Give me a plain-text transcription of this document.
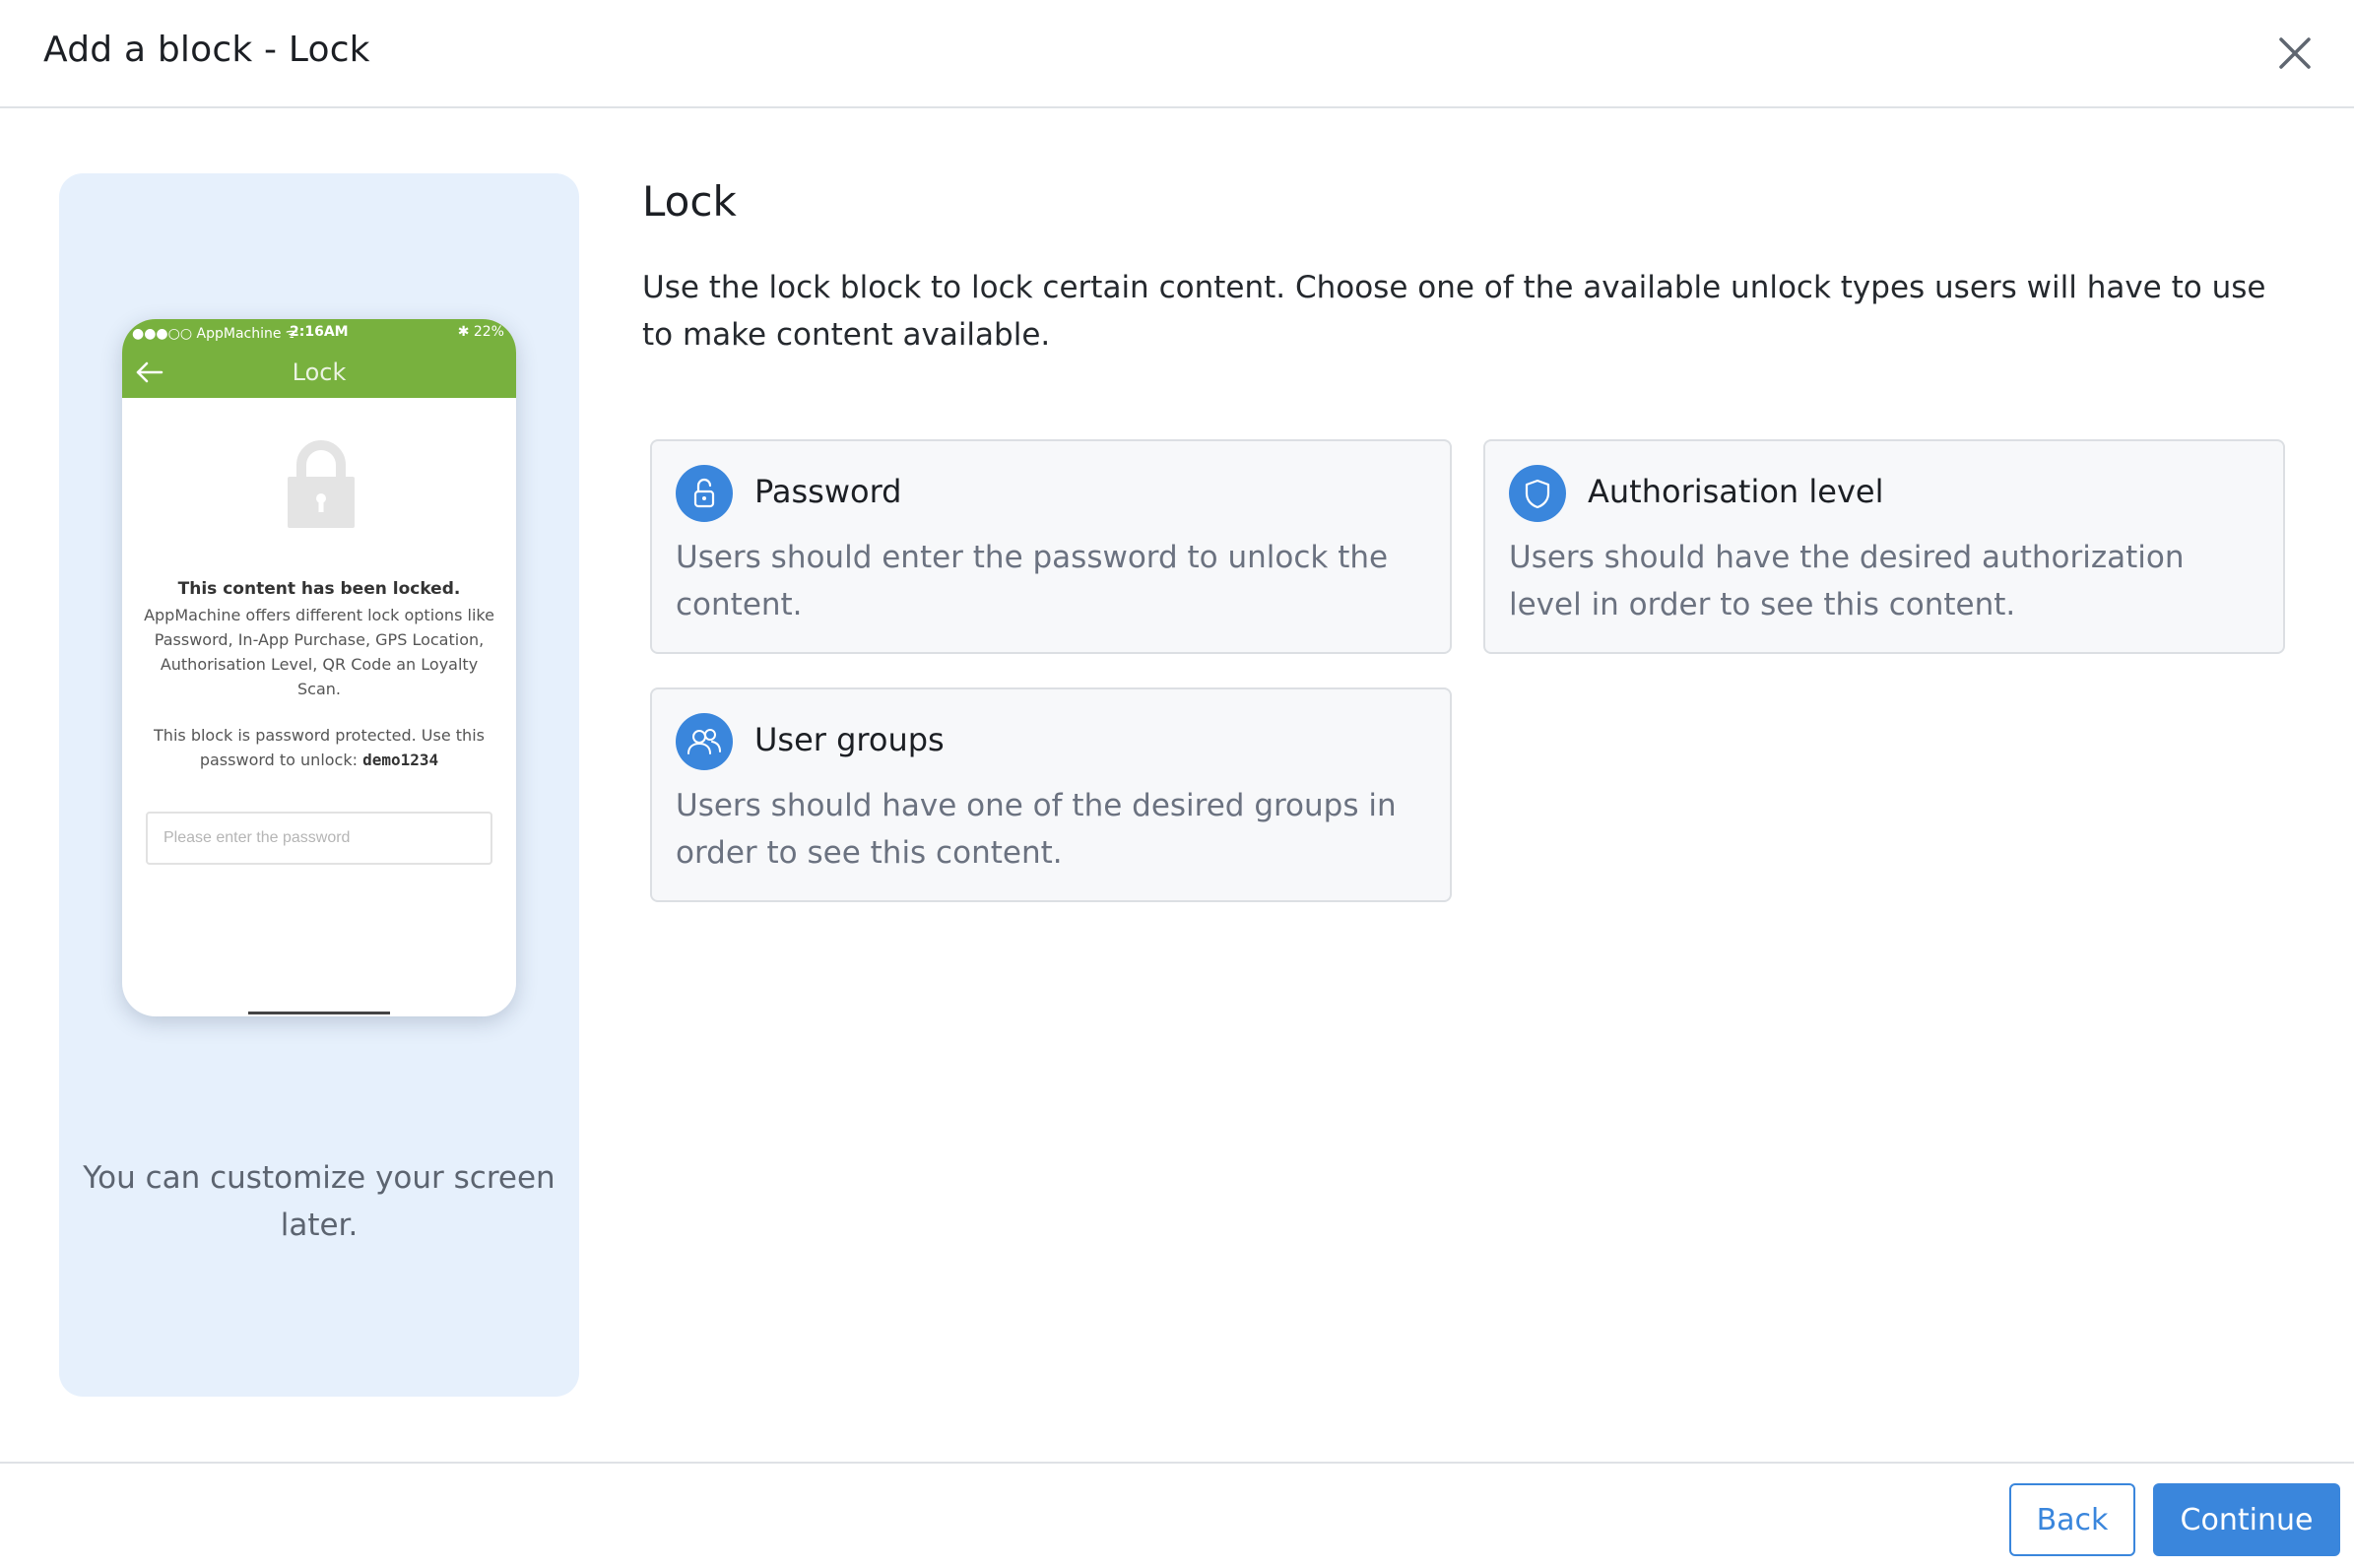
Add a block - Lock
●●●○○ AppMachine ᯤ
2:16AM	✱ 22%
Lock
This content has been locked.
AppMachine offers different lock options like Password, In-App Purchase, GPS Location, Authorisation Level, QR Code an Loyalty Scan.
This block is password protected. Use this password to unlock: demo1234
Please enter the password
You can customize your screen later.
Lock
Use the lock block to lock certain content. Choose one of the available unlock types users will have to use to make content available.
Password
Users should enter the password to unlock the content.
Authorisation level
Users should have the desired authorization level in order to see this content.
User groups
Users should have one of the desired groups in order to see this content.
Back	Continue
